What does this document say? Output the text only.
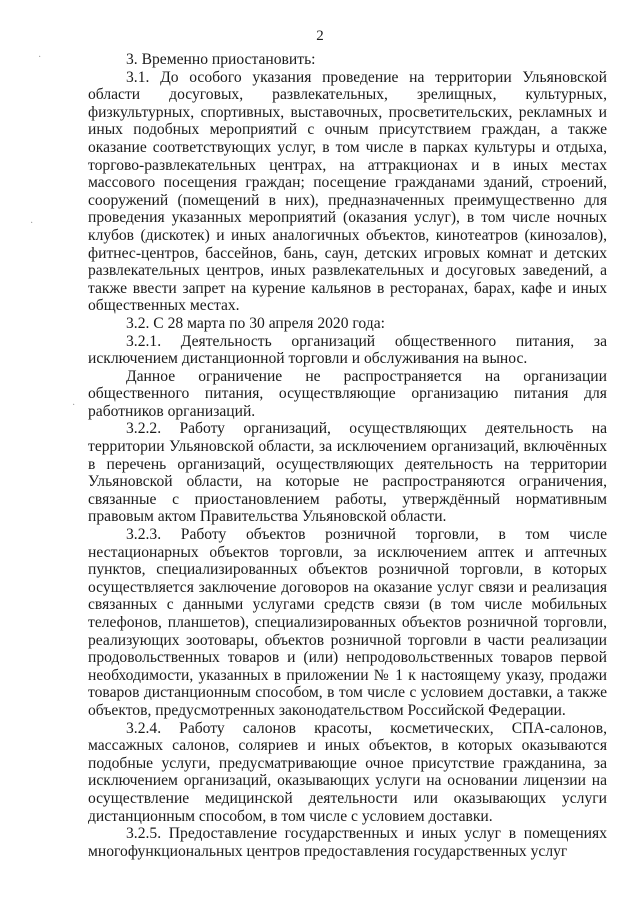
2
·
·
·

3. Временно приостановить:

3.1. До особого указания проведение на территории Ульяновской области досуговых, развлекательных, зрелищных, культурных, физкультурных, спортивных, выставочных, просветительских, рекламных и иных подобных мероприятий с очным присутствием граждан, а также оказание соответствующих услуг, в том числе в парках культуры и отдыха, торгово-развлекательных центрах, на аттракционах и в иных местах массового посещения граждан; посещение гражданами зданий, строений, сооружений (помещений в них), предназначенных преимущественно для проведения указанных мероприятий (оказания услуг), в том числе ночных клубов (дискотек) и иных аналогичных объектов, кинотеатров (кинозалов), фитнес-центров, бассейнов, бань, саун, детских игровых комнат и детских развлекательных центров, иных развлекательных и досуговых заведений, а также ввести запрет на курение кальянов в ресторанах, барах, кафе и иных общественных местах.

3.2. С 28 марта по 30 апреля 2020 года:

3.2.1. Деятельность организаций общественного питания, за исключением дистанционной торговли и обслуживания на вынос.

Данное ограничение не распространяется на организации общественного питания, осуществляющие организацию питания для работников организаций.

3.2.2. Работу организаций, осуществляющих деятельность на территории Ульяновской области, за исключением организаций, включённых в перечень организаций, осуществляющих деятельность на территории Ульяновской области, на которые не распространяются ограничения, связанные с приостановлением работы, утверждённый нормативным правовым актом Правительства Ульяновской области.

3.2.3. Работу объектов розничной торговли, в том числе нестационарных объектов торговли, за исключением аптек и аптечных пунктов, специализированных объектов розничной торговли, в которых осуществляется заключение договоров на оказание услуг связи и реализация связанных с данными услугами средств связи (в том числе мобильных телефонов, планшетов), специализированных объектов розничной торговли, реализующих зоотовары, объектов розничной торговли в части реализации продовольственных товаров и (или) непродовольственных товаров первой необходимости, указанных в приложении № 1 к настоящему указу, продажи товаров дистанционным способом, в том числе с условием доставки, а также объектов, предусмотренных законодательством Российской Федерации.

3.2.4. Работу салонов красоты, косметических, СПА-салонов, массажных салонов, соляриев и иных объектов, в которых оказываются подобные услуги, предусматривающие очное присутствие гражданина, за исключением организаций, оказывающих услуги на основании лицензии на осуществление медицинской деятельности или оказывающих услуги дистанционным способом, в том числе с условием доставки.

3.2.5. Предоставление государственных и иных услуг в помещениях многофункциональных центров предоставления государственных услуг
